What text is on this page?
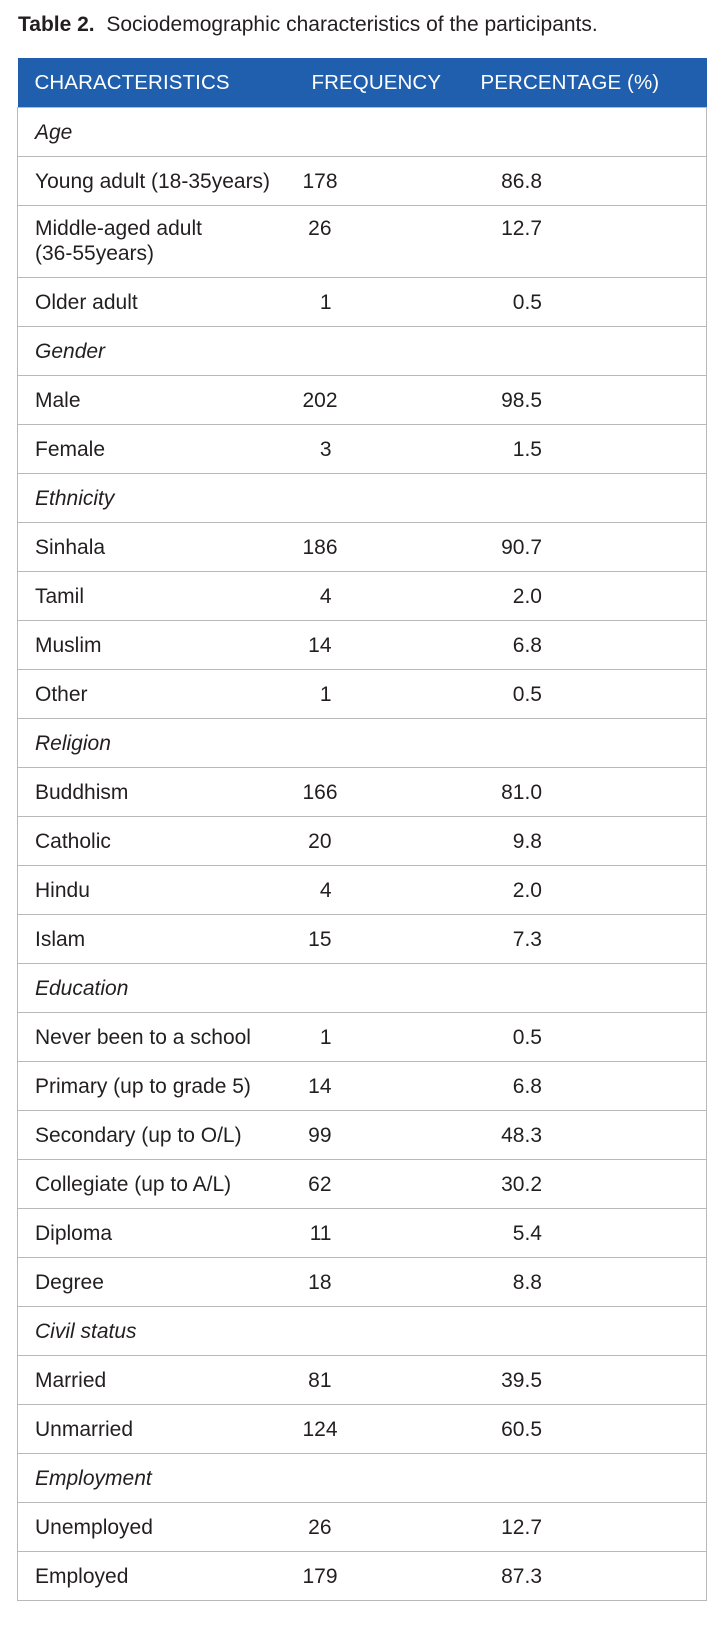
Table 2. Sociodemographic characteristics of the participants.
CHARACTERISTICS	FREQUENCY	PERCENTAGE (%)
Age		
Young adult (18-35years)	178	86.8
Middle-aged adult
(36-55years)	26	12.7
Older adult	1	0.5
Gender		
Male	202	98.5
Female	3	1.5
Ethnicity		
Sinhala	186	90.7
Tamil	4	2.0
Muslim	14	6.8
Other	1	0.5
Religion		
Buddhism	166	81.0
Catholic	20	9.8
Hindu	4	2.0
Islam	15	7.3
Education		
Never been to a school	1	0.5
Primary (up to grade 5)	14	6.8
Secondary (up to O/L)	99	48.3
Collegiate (up to A/L)	62	30.2
Diploma	11	5.4
Degree	18	8.8
Civil status		
Married	81	39.5
Unmarried	124	60.5
Employment		
Unemployed	26	12.7
Employed	179	87.3
